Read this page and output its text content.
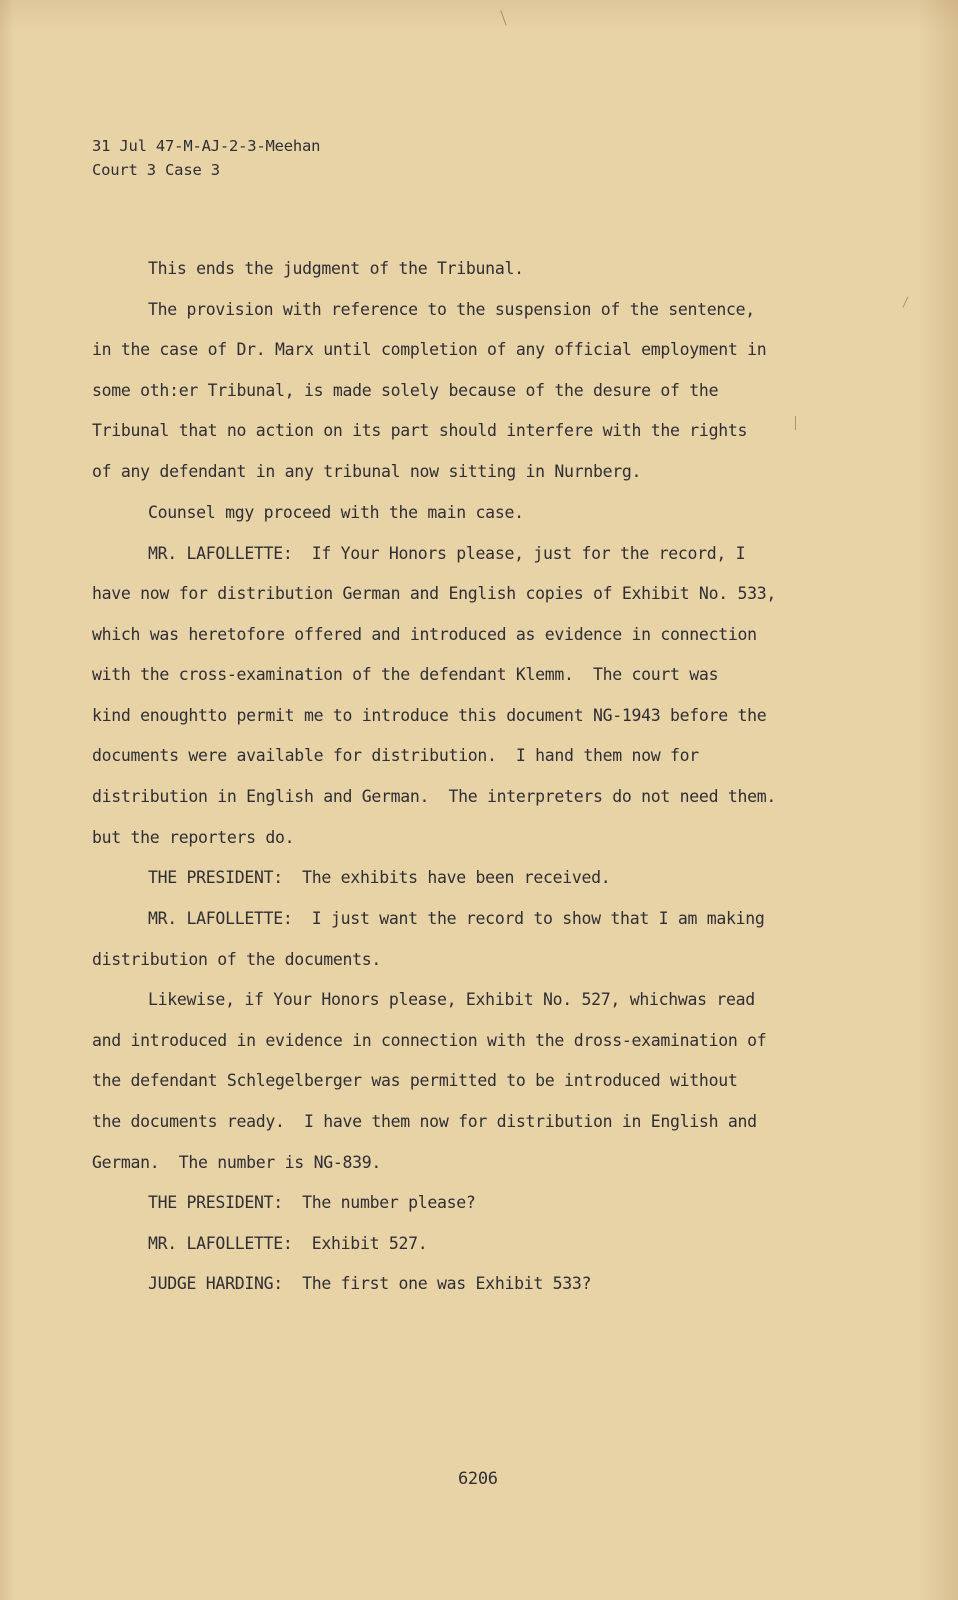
31 Jul 47-M-AJ-2-3-Meehan
Court 3 Case 3
This ends the judgment of the Tribunal.
The provision with reference to the suspension of the sentence,
in the case of Dr. Marx until completion of any official employment in
some oth:er Tribunal, is made solely because of the desure of the
Tribunal that no action on its part should interfere with the rights
of any defendant in any tribunal now sitting in Nurnberg.
Counsel mgy proceed with the main case.
MR. LAFOLLETTE:  If Your Honors please, just for the record, I
have now for distribution German and English copies of Exhibit No. 533,
which was heretofore offered and introduced as evidence in connection
with the cross-examination of the defendant Klemm.  The court was
kind enoughtto permit me to introduce this document NG-1943 before the
documents were available for distribution.  I hand them now for
distribution in English and German.  The interpreters do not need them.
but the reporters do.
THE PRESIDENT:  The exhibits have been received.
MR. LAFOLLETTE:  I just want the record to show that I am making
distribution of the documents.
Likewise, if Your Honors please, Exhibit No. 527, whichwas read
and introduced in evidence in connection with the dross-examination of
the defendant Schlegelberger was permitted to be introduced without
the documents ready.  I have them now for distribution in English and
German.  The number is NG-839.
THE PRESIDENT:  The number please?
MR. LAFOLLETTE:  Exhibit 527.
JUDGE HARDING:  The first one was Exhibit 533?
6206
